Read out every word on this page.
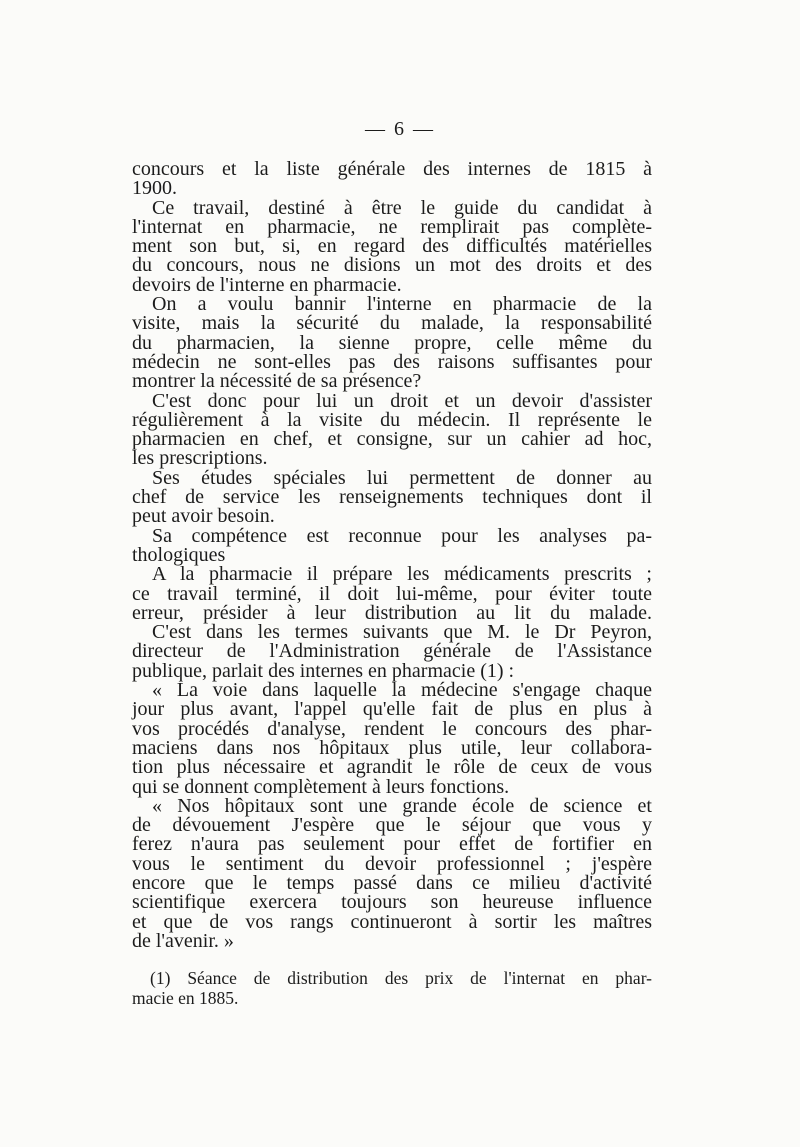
— 6 —
concours et la liste générale des internes de 1815 à
1900.
Ce travail, destiné à être le guide du candidat à
l'internat en pharmacie, ne remplirait pas complète-
ment son but, si, en regard des difficultés matérielles
du concours, nous ne disions un mot des droits et des
devoirs de l'interne en pharmacie.
On a voulu bannir l'interne en pharmacie de la
visite, mais la sécurité du malade, la responsabilité
du pharmacien, la sienne propre, celle même du
médecin ne sont-elles pas des raisons suffisantes pour
montrer la nécessité de sa présence?
C'est donc pour lui un droit et un devoir d'assister
régulièrement à la visite du médecin. Il représente le
pharmacien en chef, et consigne, sur un cahier ad hoc,
les prescriptions.
Ses études spéciales lui permettent de donner au
chef de service les renseignements techniques dont il
peut avoir besoin.
Sa compétence est reconnue pour les analyses pa-
thologiques
A la pharmacie il prépare les médicaments prescrits ;
ce travail terminé, il doit lui-même, pour éviter toute
erreur, présider à leur distribution au lit du malade.
C'est dans les termes suivants que M. le Dr Peyron,
directeur de l'Administration générale de l'Assistance
publique, parlait des internes en pharmacie (1) :
« La voie dans laquelle la médecine s'engage chaque
jour plus avant, l'appel qu'elle fait de plus en plus à
vos procédés d'analyse, rendent le concours des phar-
maciens dans nos hôpitaux plus utile, leur collabora-
tion plus nécessaire et agrandit le rôle de ceux de vous
qui se donnent complètement à leurs fonctions.
« Nos hôpitaux sont une grande école de science et
de dévouement J'espère que le séjour que vous y
ferez n'aura pas seulement pour effet de fortifier en
vous le sentiment du devoir professionnel ; j'espère
encore que le temps passé dans ce milieu d'activité
scientifique exercera toujours son heureuse influence
et que de vos rangs continueront à sortir les maîtres
de l'avenir. »
(1) Séance de distribution des prix de l'internat en phar-
macie en 1885.
